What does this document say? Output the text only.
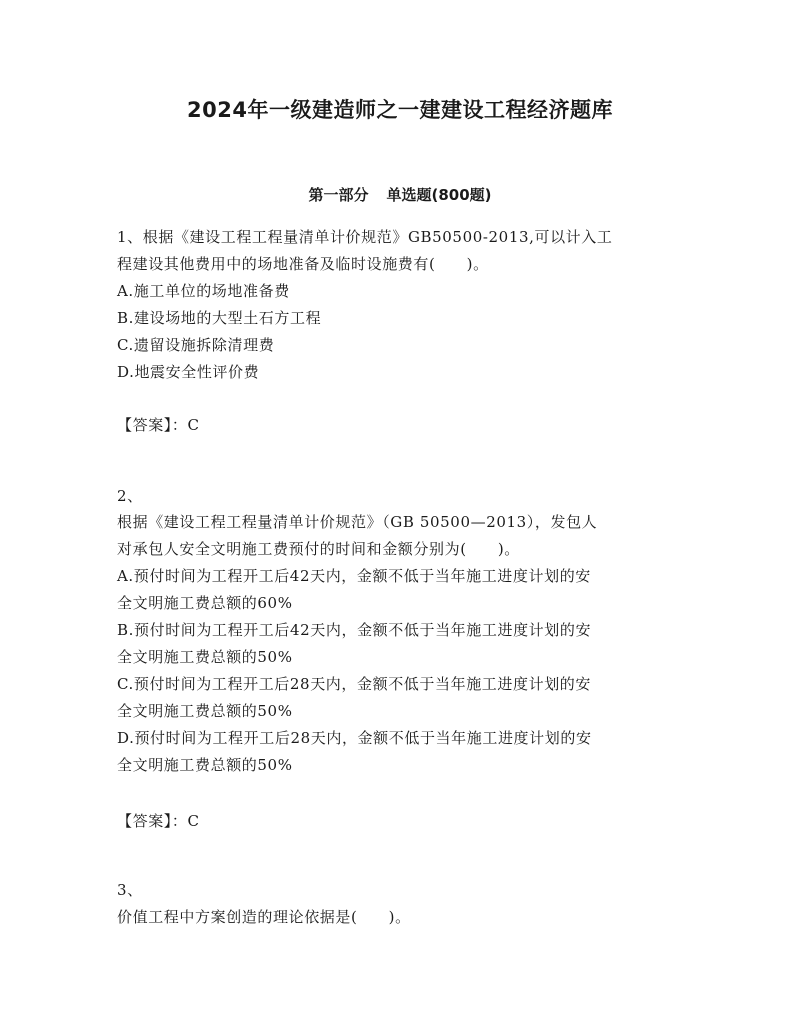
2024年一级建造师之一建建设工程经济题库
第一部分 单选题(800题)
1、根据《建设工程工程量清单计价规范》GB50500-2013,可以计入工
程建设其他费用中的场地准备及临时设施费有(　　)。
A.施工单位的场地准备费
B.建设场地的大型土石方工程
C.遗留设施拆除清理费
D.地震安全性评价费
【答案】：C
2、
根据《建设工程工程量清单计价规范》（GB 50500—2013），发包人
对承包人安全文明施工费预付的时间和金额分别为(　　)。
A.预付时间为工程开工后42天内，金额不低于当年施工进度计划的安
全文明施工费总额的60%
B.预付时间为工程开工后42天内，金额不低于当年施工进度计划的安
全文明施工费总额的50%
C.预付时间为工程开工后28天内，金额不低于当年施工进度计划的安
全文明施工费总额的50%
D.预付时间为工程开工后28天内，金额不低于当年施工进度计划的安
全文明施工费总额的50%
【答案】：C
3、
价值工程中方案创造的理论依据是(　　)。
